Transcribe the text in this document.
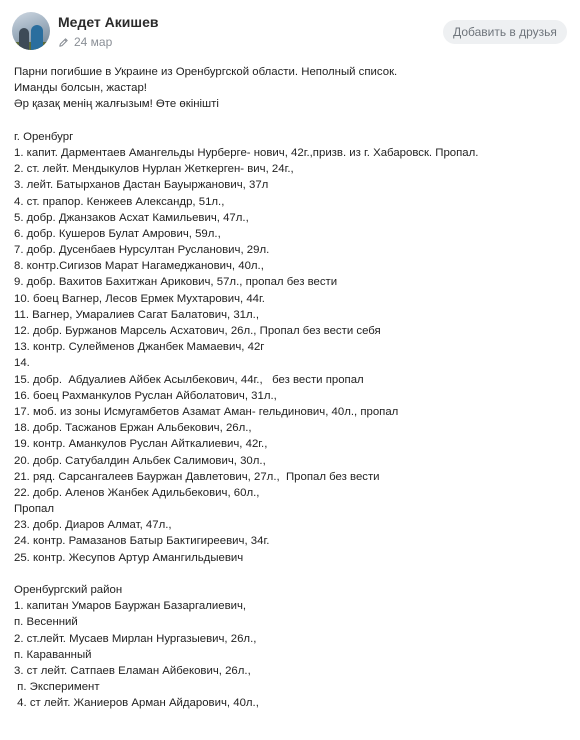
Медет Акишев
24 мар
Добавить в друзья
Парни погибшие в Украине из Оренбургской области. Неполный список.
Иманды болсын, жастар!
Әр қазақ менің жалғызым! Өте өкінішті
г. Оренбург
1. капит. Дарментаев Амангельды Нурберге- нович, 42г.,призв. из г. Хабаровск. Пропал.
2. ст. лейт. Мендыкулов Нурлан Жеткерген- вич, 24г.,
3. лейт. Батырханов Дастан Бауыржанович, 37л
4. ст. прапор. Кенжеев Александр, 51л.,
5. добр. Джанзаков Асхат Камильевич, 47л.,
6. добр. Кушеров Булат Амрович, 59л.,
7. добр. Дусенбаев Нурсултан Русланович, 29л.
8. контр.Сигизов Марат Нагамеджанович, 40л.,
9. добр. Вахитов Бахитжан Арикович, 57л., пропал без вести
10. боец Вагнер, Лесов Ермек Мухтарович, 44г.
11. Вагнер, Умаралиев Сагат Балатович, 31л.,
12. добр. Буржанов Марсель Асхатович, 26л., Пропал без вести себя
13. контр. Сулейменов Джанбек Мамаевич, 42г
14.
15. добр.  Абдуалиев Айбек Асылбекович, 44г.,   без вести пропал
16. боец Рахманкулов Руслан Айболатович, 31л.,
17. моб. из зоны Исмугамбетов Азамат Аман- гельдинович, 40л., пропал
18. добр. Тасжанов Ержан Альбекович, 26л.,
19. контр. Аманкулов Руслан Айткалиевич, 42г.,
20. добр. Сатубалдин Альбек Салимович, 30л.,
21. ряд. Сарсангалеев Бауржан Давлетович, 27л.,  Пропал без вести
22. добр. Аленов Жанбек Адильбекович, 60л.,
Пропал
23. добр. Диаров Алмат, 47л.,
24. контр. Рамазанов Батыр Бактигиреевич, 34г.
25. контр. Жесупов Артур Амангильдыевич
Оренбургский район
1. капитан Умаров Бауржан Базаргалиевич,
п. Весенний
2. ст.лейт. Мусаев Мирлан Нургазыевич, 26л.,
п. Караванный
3. ст лейт. Сатпаев Еламан Айбекович, 26л.,
п. Эксперимент
4. ст лейт. Жаниеров Арман Айдарович, 40л.,
